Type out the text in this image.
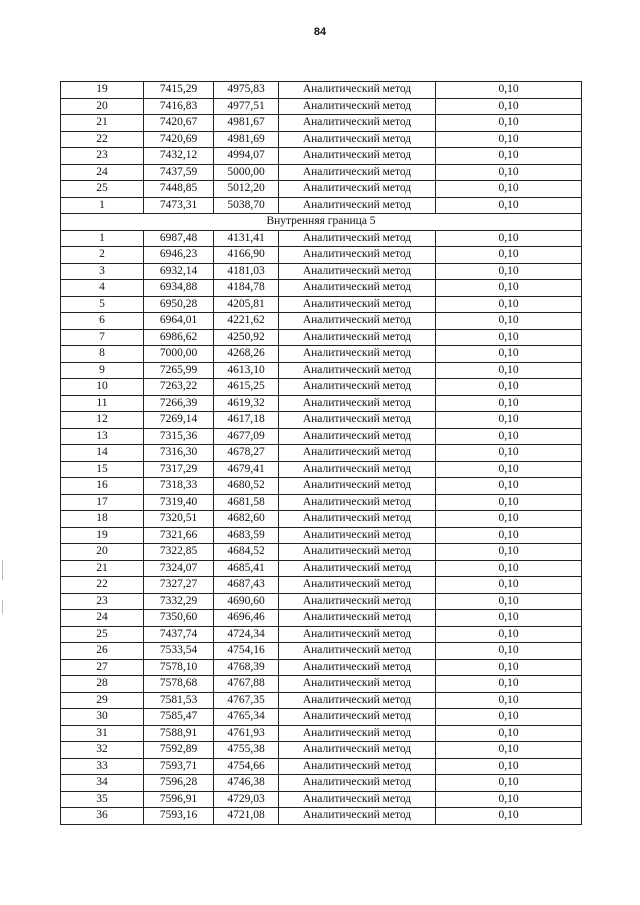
84
19	7415,29	4975,83	Аналитический метод	0,10
20	7416,83	4977,51	Аналитический метод	0,10
21	7420,67	4981,67	Аналитический метод	0,10
22	7420,69	4981,69	Аналитический метод	0,10
23	7432,12	4994,07	Аналитический метод	0,10
24	7437,59	5000,00	Аналитический метод	0,10
25	7448,85	5012,20	Аналитический метод	0,10
1	7473,31	5038,70	Аналитический метод	0,10
Внутренняя граница 5				
1	6987,48	4131,41	Аналитический метод	0,10
2	6946,23	4166,90	Аналитический метод	0,10
3	6932,14	4181,03	Аналитический метод	0,10
4	6934,88	4184,78	Аналитический метод	0,10
5	6950,28	4205,81	Аналитический метод	0,10
6	6964,01	4221,62	Аналитический метод	0,10
7	6986,62	4250,92	Аналитический метод	0,10
8	7000,00	4268,26	Аналитический метод	0,10
9	7265,99	4613,10	Аналитический метод	0,10
10	7263,22	4615,25	Аналитический метод	0,10
11	7266,39	4619,32	Аналитический метод	0,10
12	7269,14	4617,18	Аналитический метод	0,10
13	7315,36	4677,09	Аналитический метод	0,10
14	7316,30	4678,27	Аналитический метод	0,10
15	7317,29	4679,41	Аналитический метод	0,10
16	7318,33	4680,52	Аналитический метод	0,10
17	7319,40	4681,58	Аналитический метод	0,10
18	7320,51	4682,60	Аналитический метод	0,10
19	7321,66	4683,59	Аналитический метод	0,10
20	7322,85	4684,52	Аналитический метод	0,10
21	7324,07	4685,41	Аналитический метод	0,10
22	7327,27	4687,43	Аналитический метод	0,10
23	7332,29	4690,60	Аналитический метод	0,10
24	7350,60	4696,46	Аналитический метод	0,10
25	7437,74	4724,34	Аналитический метод	0,10
26	7533,54	4754,16	Аналитический метод	0,10
27	7578,10	4768,39	Аналитический метод	0,10
28	7578,68	4767,88	Аналитический метод	0,10
29	7581,53	4767,35	Аналитический метод	0,10
30	7585,47	4765,34	Аналитический метод	0,10
31	7588,91	4761,93	Аналитический метод	0,10
32	7592,89	4755,38	Аналитический метод	0,10
33	7593,71	4754,66	Аналитический метод	0,10
34	7596,28	4746,38	Аналитический метод	0,10
35	7596,91	4729,03	Аналитический метод	0,10
36	7593,16	4721,08	Аналитический метод	0,10
